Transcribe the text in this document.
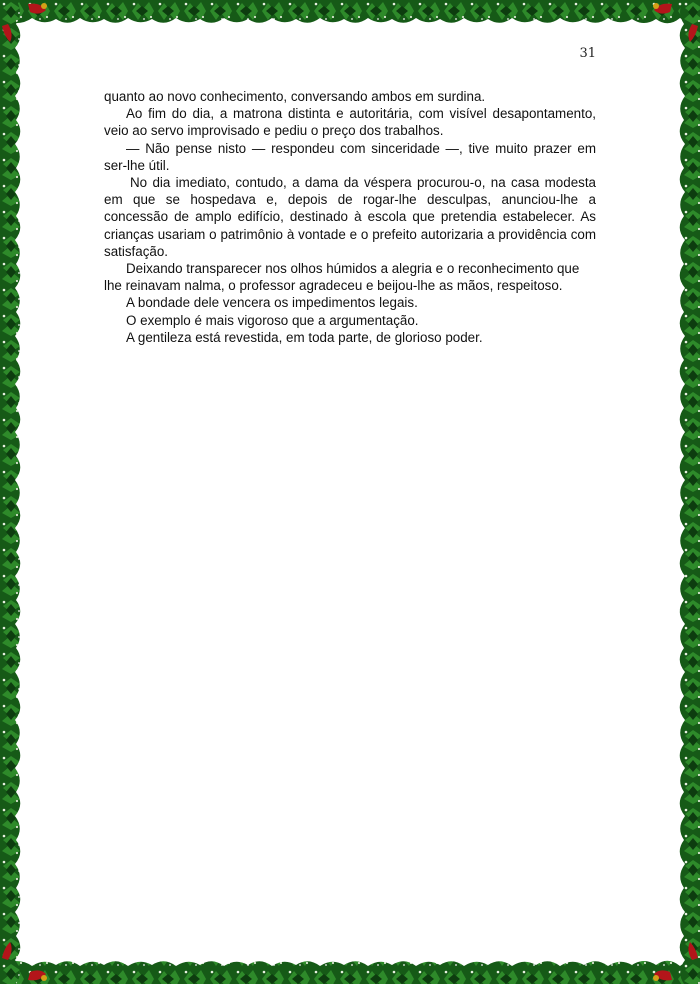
31

quanto ao novo conhecimento, conversando ambos em surdina.

Ao fim do dia, a matrona distinta e autoritária, com visível desapontamento, veio ao servo improvisado e pediu o preço dos trabalhos.

— Não pense nisto — respondeu com sinceridade —, tive muito prazer em ser-lhe útil.

No dia imediato, contudo, a dama da véspera procurou-o, na casa modesta em que se hospedava e, depois de rogar-lhe desculpas, anunciou-lhe a concessão de amplo edifício, destinado à escola que pretendia estabelecer. As crianças usariam o patrimônio à vontade e o prefeito autorizaria a providência com satisfação.

Deixando transparecer nos olhos húmidos a alegria e o reconhecimento que lhe reinavam nalma, o professor agradeceu e beijou-lhe as mãos, respeitoso.

A bondade dele vencera os impedimentos legais.

O exemplo é mais vigoroso que a argumentação.

A gentileza está revestida, em toda parte, de glorioso poder.
